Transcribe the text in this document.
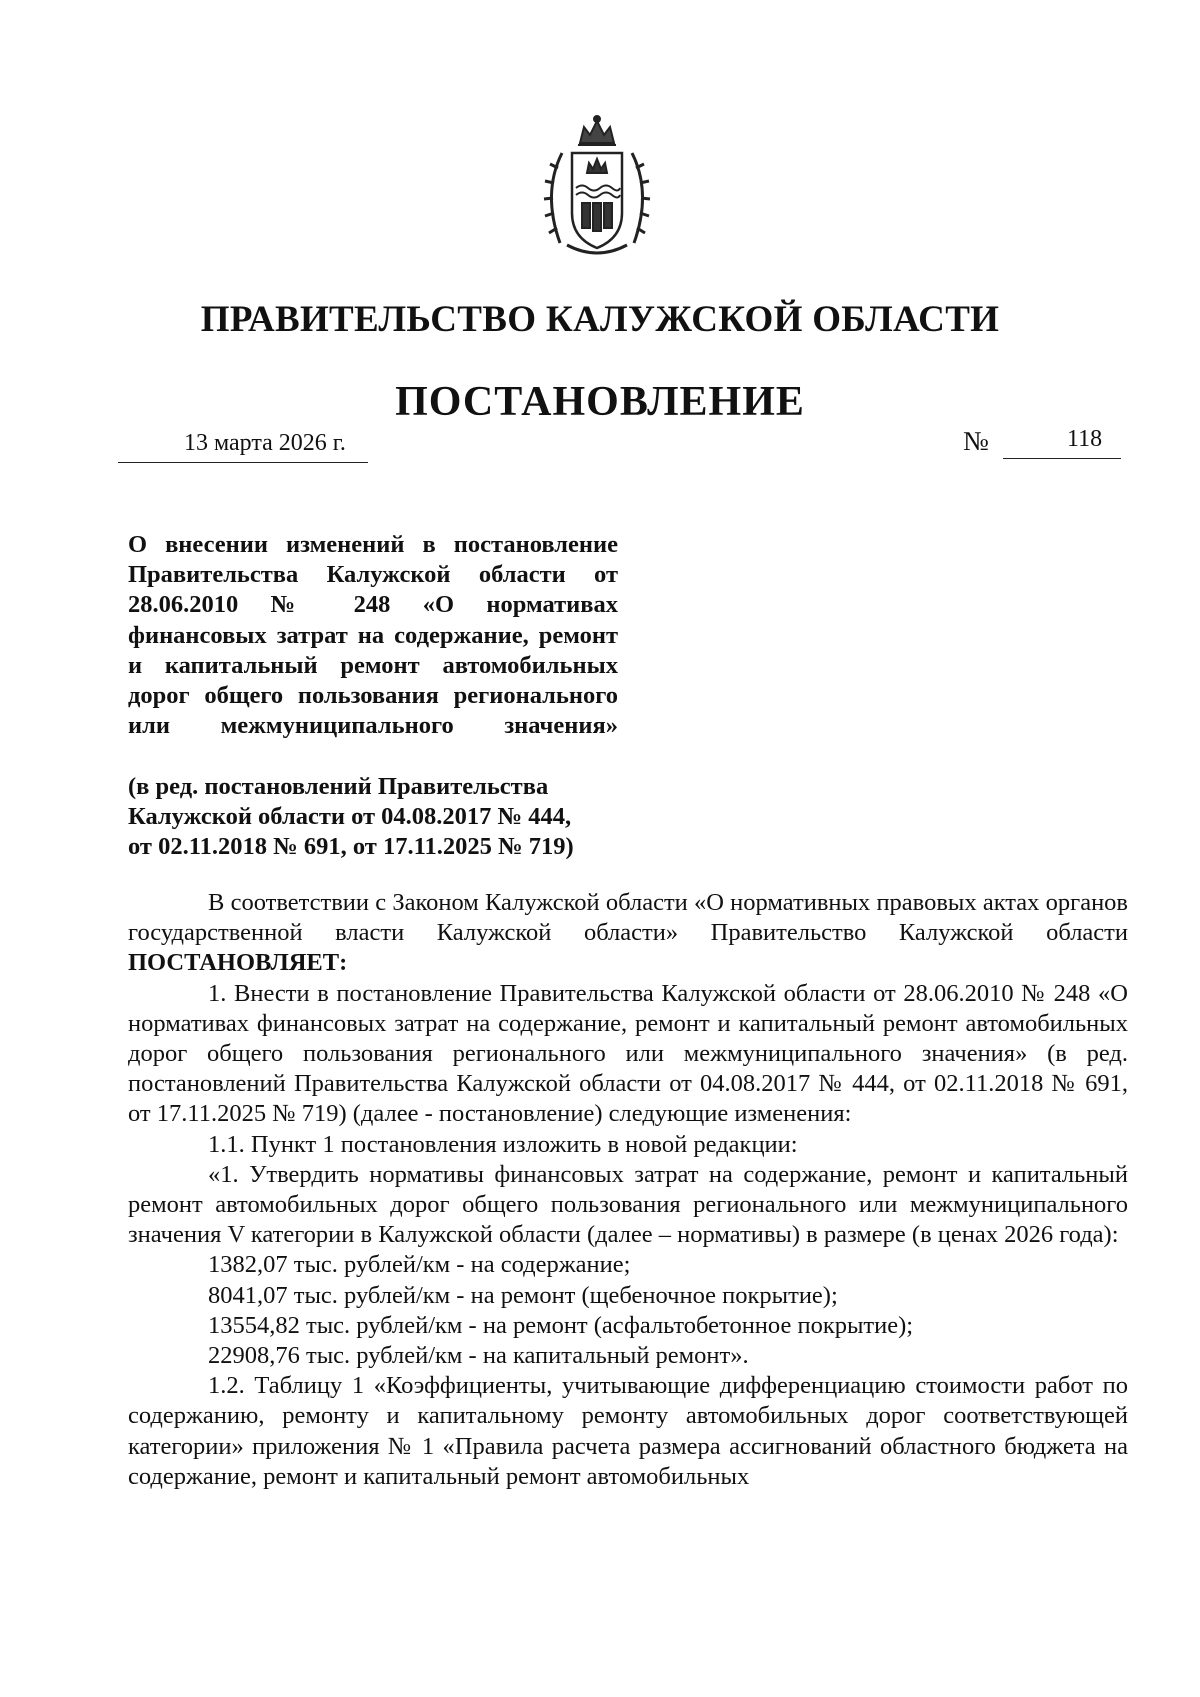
ПРАВИТЕЛЬСТВО КАЛУЖСКОЙ ОБЛАСТИ
ПОСТАНОВЛЕНИЕ
13 марта 2026 г.	№	118

О внесении изменений в постановление Правительства Калужской области от 28.06.2010 № 248 «О нормативах финансовых затрат на содержание, ремонт и капитальный ремонт автомобильных дорог общего пользования регионального или межмуниципального значения»

(в ред. постановлений Правительства
Калужской области от 04.08.2017 № 444,
от 02.11.2018 № 691, от 17.11.2025 № 719)

В соответствии с Законом Калужской области «О нормативных правовых актах органов государственной власти Калужской области» Правительство Калужской области ПОСТАНОВЛЯЕТ:

1. Внести в постановление Правительства Калужской области от 28.06.2010 № 248 «О нормативах финансовых затрат на содержание, ремонт и капитальный ремонт автомобильных дорог общего пользования регионального или межмуниципального значения» (в ред. постановлений Правительства Калужской области от 04.08.2017 № 444, от 02.11.2018 № 691, от 17.11.2025 № 719) (далее - постановление) следующие изменения:

1.1. Пункт 1 постановления изложить в новой редакции:

«1. Утвердить нормативы финансовых затрат на содержание, ремонт и капитальный ремонт автомобильных дорог общего пользования регионального или межмуниципального значения V категории в Калужской области (далее – нормативы) в размере (в ценах 2026 года):

1382,07 тыс. рублей/км - на содержание;

8041,07 тыс. рублей/км - на ремонт (щебеночное покрытие);

13554,82 тыс. рублей/км - на ремонт (асфальтобетонное покрытие);

22908,76 тыс. рублей/км - на капитальный ремонт».

1.2. Таблицу 1 «Коэффициенты, учитывающие дифференциацию стоимости работ по содержанию, ремонту и капитальному ремонту автомобильных дорог соответствующей категории» приложения № 1 «Правила расчета размера ассигнований областного бюджета на содержание, ремонт и капитальный ремонт автомобильных
